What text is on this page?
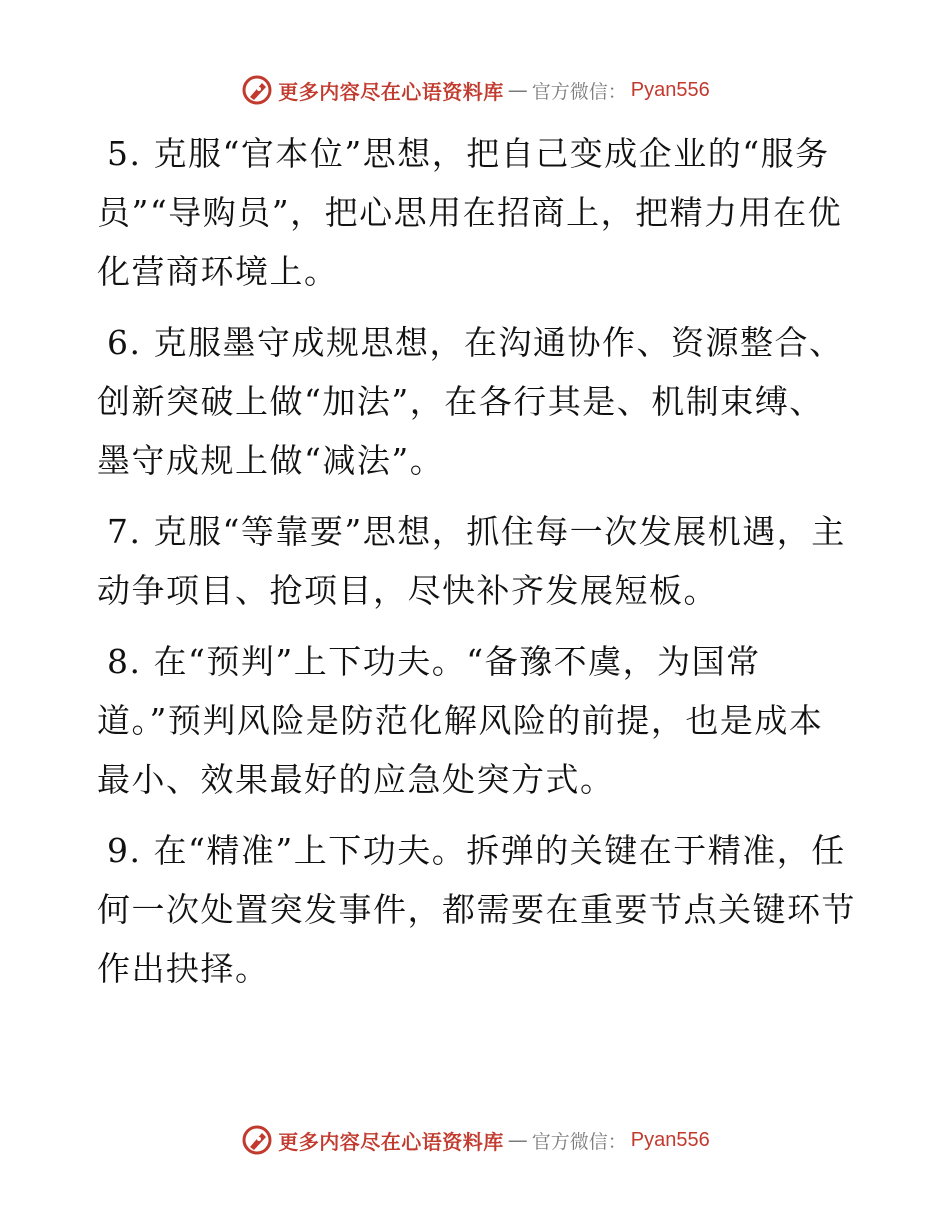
更多内容尽在心语资料库 — 官方微信： Pyan556

5. 克服“官本位”思想，把自己变成企业的“服务员”“导购员”，把心思用在招商上，把精力用在优化营商环境上。

6. 克服墨守成规思想，在沟通协作、资源整合、创新突破上做“加法”，在各行其是、机制束缚、墨守成规上做“减法”。

7. 克服“等靠要”思想，抓住每一次发展机遇，主动争项目、抢项目，尽快补齐发展短板。

8. 在“预判”上下功夫。“备豫不虞，为国常道。”预判风险是防范化解风险的前提，也是成本最小、效果最好的应急处突方式。

9. 在“精准”上下功夫。拆弹的关键在于精准，任何一次处置突发事件，都需要在重要节点关键环节作出抉择。

更多内容尽在心语资料库 — 官方微信： Pyan556
